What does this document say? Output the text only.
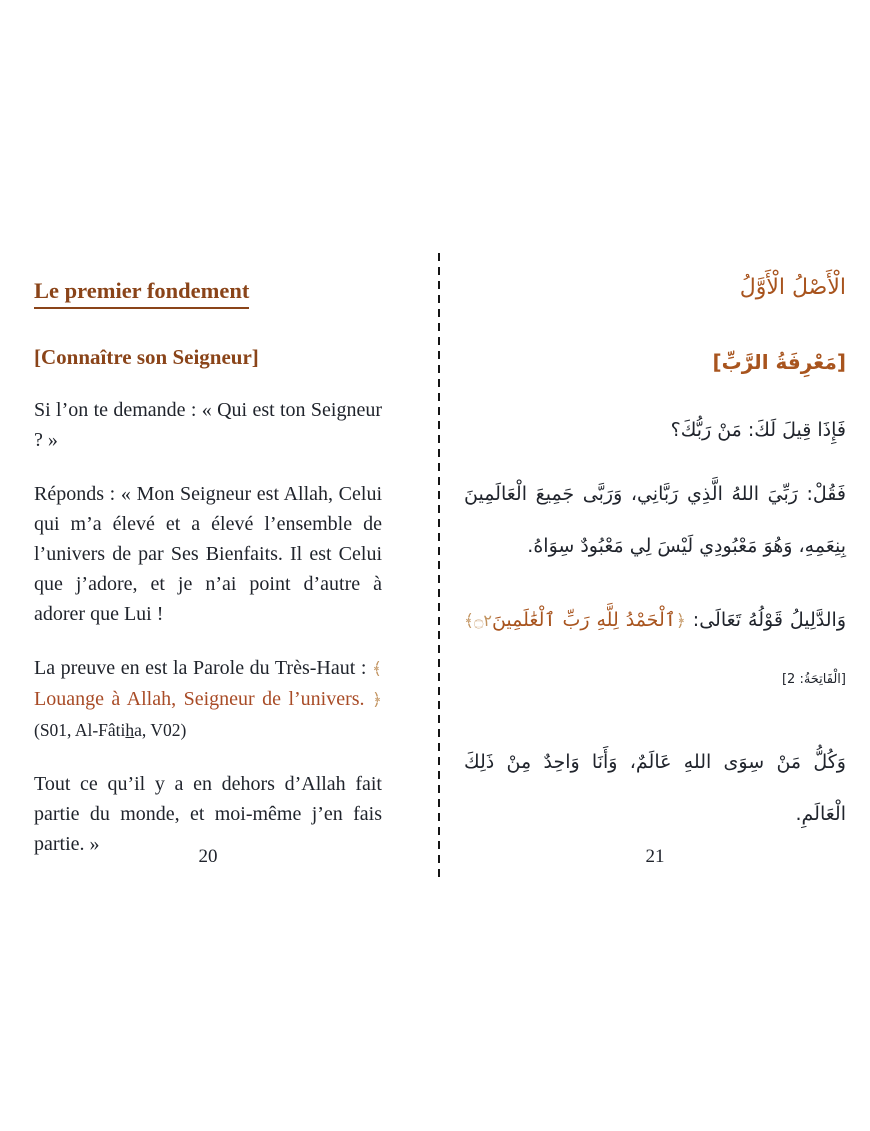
Le premier fondement
[Connaître son Seigneur]

Si l’on te demande : « Qui est ton Seigneur ? »

Réponds : « Mon Seigneur est Allah, Celui qui m’a élevé et a élevé l’ensemble de l’univers de par Ses Bienfaits. Il est Celui que j’adore, et je n’ai point d’autre à adorer que Lui !

La preuve en est la Parole du Très-Haut : ﴾ Louange à Allah, Seigneur de l’univers. ﴿ (S01, Al-Fâtiha, V02)

Tout ce qu’il y a en dehors d’Allah fait partie du monde, et moi-même j’en fais partie. »

20
الْأَصْلُ الْأَوَّلُ
[مَعْرِفَةُ الرَّبِّ]

فَإِذَا قِيلَ لَكَ: مَنْ رَبُّكَ؟

فَقُلْ: رَبِّيَ اللهُ الَّذِي رَبَّانِي، وَرَبَّى جَمِيعَ الْعَالَمِينَ بِنِعَمِهِ، وَهُوَ مَعْبُودِي لَيْسَ لِي مَعْبُودٌ سِوَاهُ.

وَالدَّلِيلُ قَوْلُهُ تَعَالَى: ﴿ٱلْحَمْدُ لِلَّهِ رَبِّ ٱلْعَٰلَمِينَ۝٢﴾ [الْفَاتِحَةُ: 2]

وَكُلُّ مَنْ سِوَى اللهِ عَالَمٌ، وَأَنَا وَاحِدٌ مِنْ ذَلِكَ الْعَالَمِ.

21
